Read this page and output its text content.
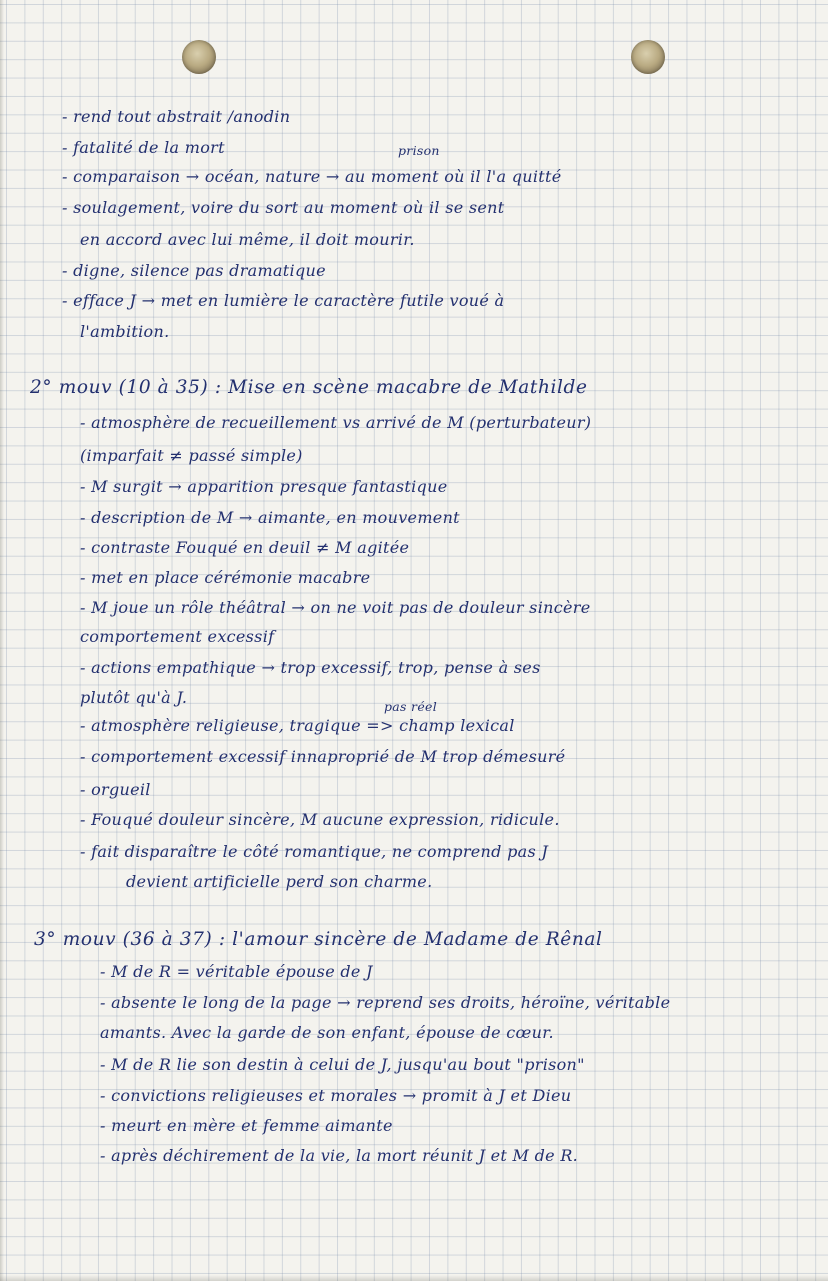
- rend tout abstrait /anodin
- fatalité de la mort	prison
- comparaison → océan, nature → au moment où il l'a quitté
- soulagement, voire du sort au moment où il se sent
en accord avec lui même, il doit mourir.
- digne, silence pas dramatique
- efface J → met en lumière le caractère futile voué à
l'ambition.
2° mouv (10 à 35) : Mise en scène macabre de Mathilde
- atmosphère de recueillement vs arrivé de M (perturbateur)
(imparfait ≠ passé simple)
- M surgit → apparition presque fantastique
- description de M → aimante, en mouvement
- contraste Fouqué en deuil ≠ M agitée
- met en place cérémonie macabre
- M joue un rôle théâtral → on ne voit pas de douleur sincère
comportement excessif
- actions empathique → trop excessif, trop, pense à ses
plutôt qu'à J.	pas réel
- atmosphère religieuse, tragique => champ lexical
- comportement excessif innaproprié de M trop démesuré
- orgueil
- Fouqué douleur sincère, M aucune expression, ridicule.
- fait disparaître le côté romantique, ne comprend pas J
devient artificielle perd son charme.
3° mouv (36 à 37) : l'amour sincère de Madame de Rênal
- M de R = véritable épouse de J
- absente le long de la page → reprend ses droits, héroïne, véritable
amants. Avec la garde de son enfant, épouse de cœur.
- M de R lie son destin à celui de J, jusqu'au bout "prison"
- convictions religieuses et morales → promit à J et Dieu
- meurt en mère et femme aimante
- après déchirement de la vie, la mort réunit J et M de R.
